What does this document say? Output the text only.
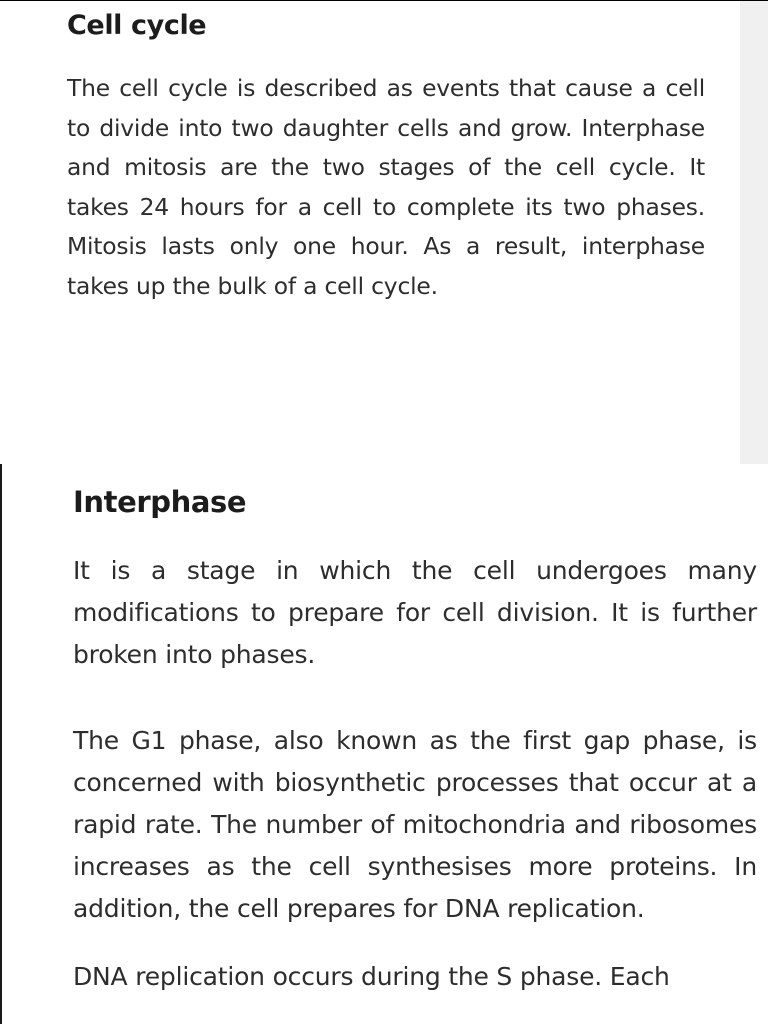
Cell cycle

The cell cycle is described as events that cause a cell to divide into two daughter cells and grow. Interphase and mitosis are the two stages of the cell cycle. It takes 24 hours for a cell to complete its two phases. Mitosis lasts only one hour. As a result, interphase takes up the bulk of a cell cycle.

Interphase

It is a stage in which the cell undergoes many modifications to prepare for cell division. It is further broken into phases.

The G1 phase, also known as the first gap phase, is concerned with biosynthetic processes that occur at a rapid rate. The number of mitochondria and ribosomes increases as the cell synthesises more proteins. In addition, the cell prepares for DNA replication.

DNA replication occurs during the S phase. Each
